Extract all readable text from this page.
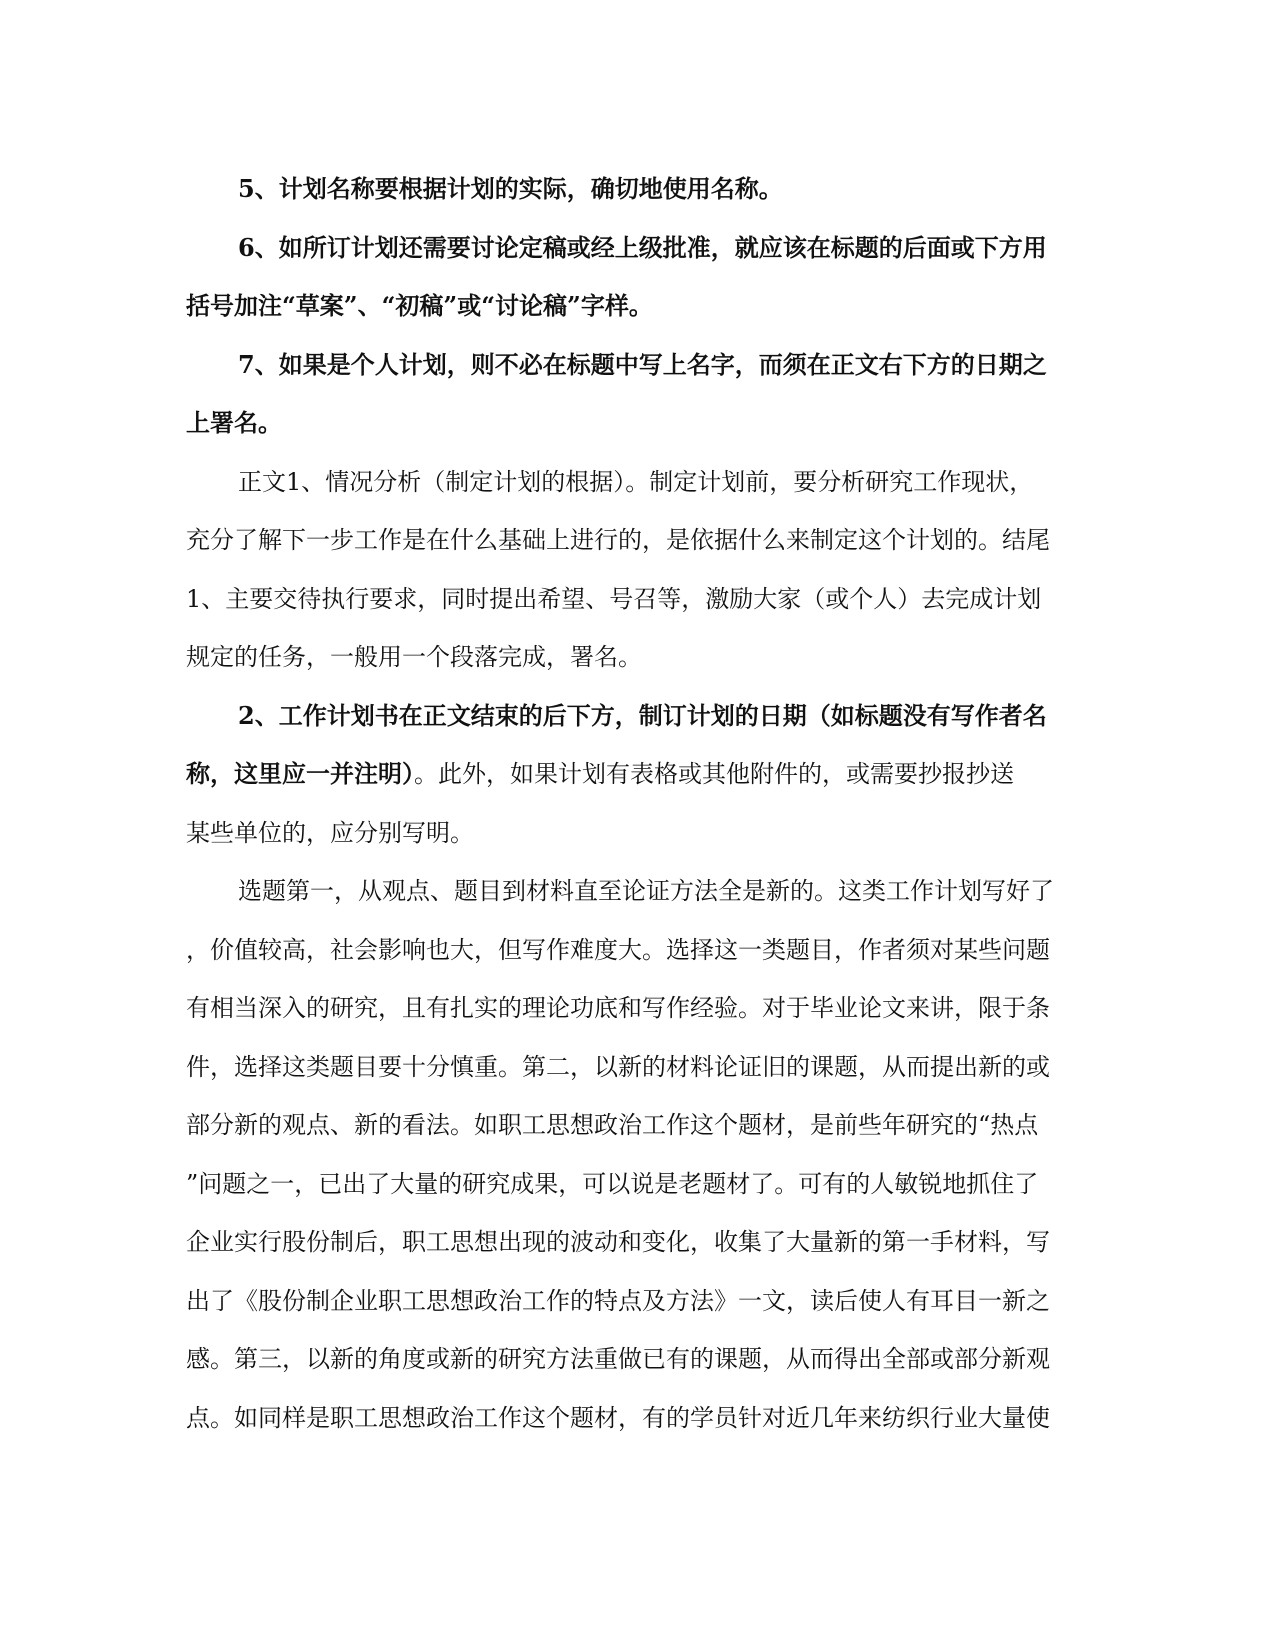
5、计划名称要根据计划的实际，确切地使用名称。
6、如所订计划还需要讨论定稿或经上级批准，就应该在标题的后面或下方用
括号加注“草案”、“初稿”或“讨论稿”字样。
7、如果是个人计划，则不必在标题中写上名字，而须在正文右下方的日期之
上署名。
正文1、情况分析（制定计划的根据）。制定计划前，要分析研究工作现状，
充分了解下一步工作是在什么基础上进行的，是依据什么来制定这个计划的。结尾
1、主要交待执行要求，同时提出希望、号召等，激励大家（或个人）去完成计划
规定的任务，一般用一个段落完成，署名。
2、工作计划书在正文结束的后下方，制订计划的日期（如标题没有写作者名
称，这里应一并注明）。此外，如果计划有表格或其他附件的，或需要抄报抄送
某些单位的，应分别写明。
选题第一，从观点、题目到材料直至论证方法全是新的。这类工作计划写好了
，价值较高，社会影响也大，但写作难度大。选择这一类题目，作者须对某些问题
有相当深入的研究，且有扎实的理论功底和写作经验。对于毕业论文来讲，限于条
件，选择这类题目要十分慎重。第二，以新的材料论证旧的课题，从而提出新的或
部分新的观点、新的看法。如职工思想政治工作这个题材，是前些年研究的“热点
”问题之一，已出了大量的研究成果，可以说是老题材了。可有的人敏锐地抓住了
企业实行股份制后，职工思想出现的波动和变化，收集了大量新的第一手材料，写
出了《股份制企业职工思想政治工作的特点及方法》一文，读后使人有耳目一新之
感。第三，以新的角度或新的研究方法重做已有的课题，从而得出全部或部分新观
点。如同样是职工思想政治工作这个题材，有的学员针对近几年来纺织行业大量使
